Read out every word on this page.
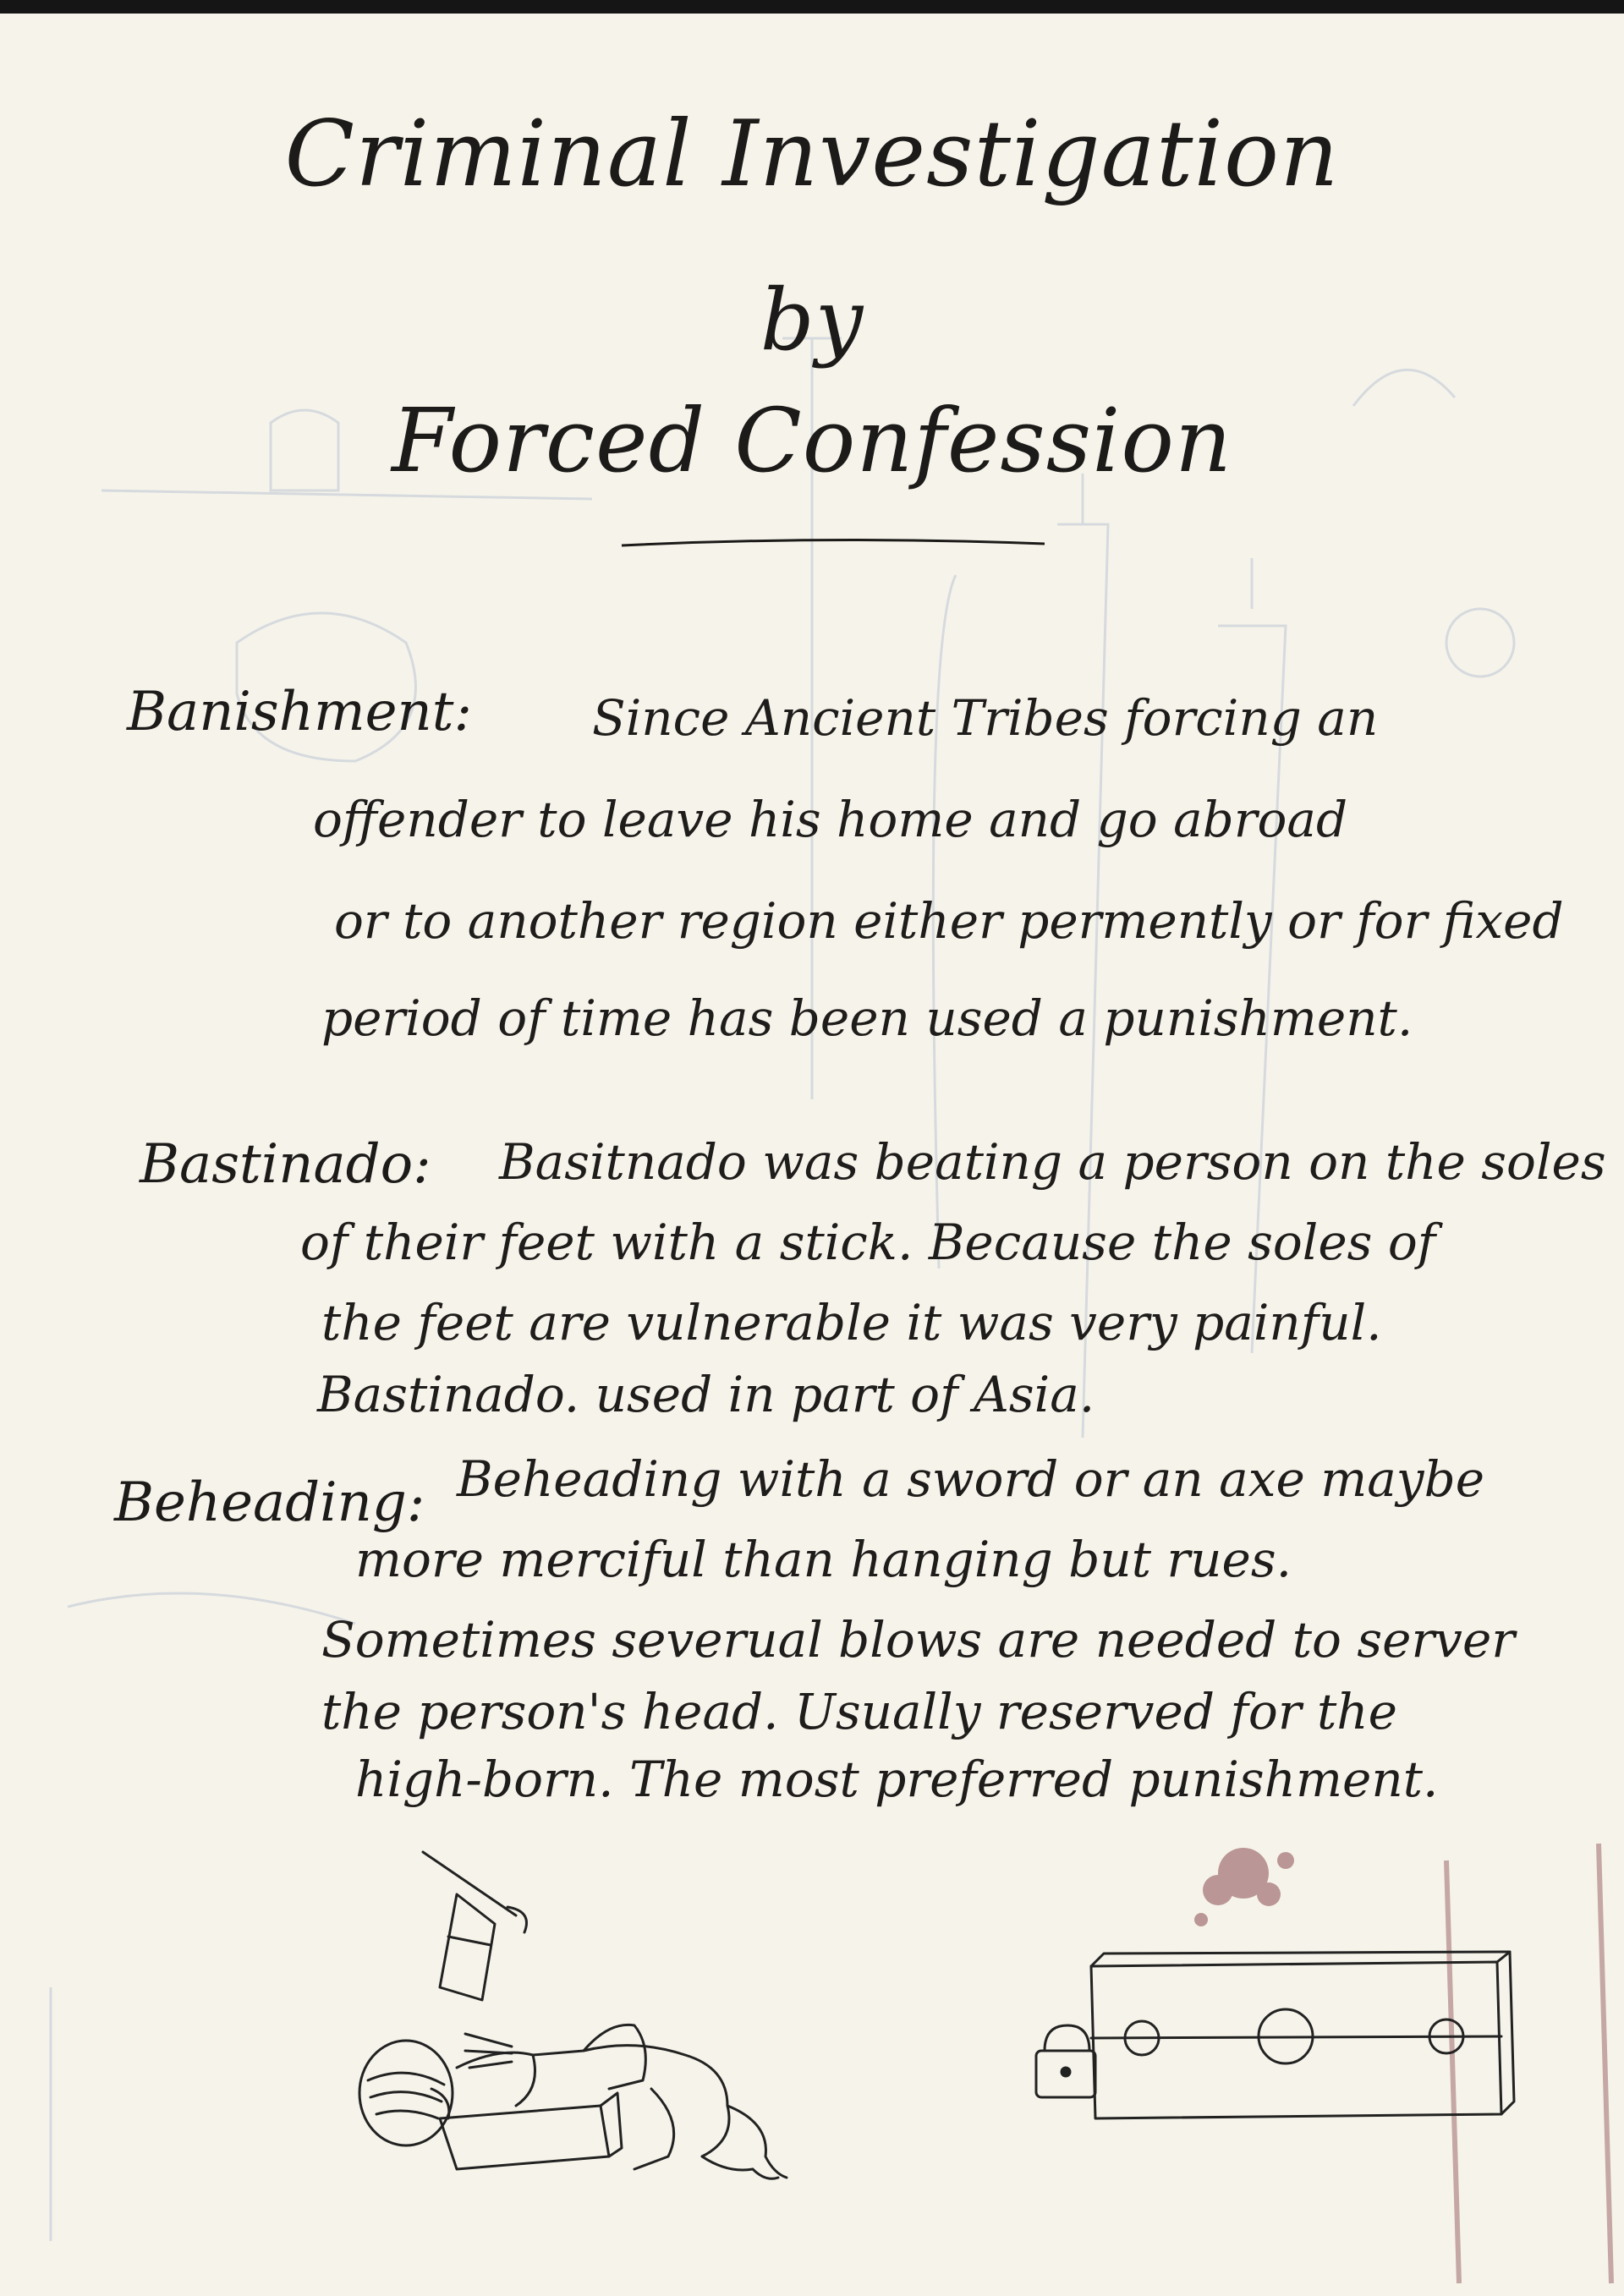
Criminal Investigation
by
Forced Confession
Banishment: Since Ancient Tribes forcing an
offender to leave his home and go abroad
or to another region either permently or for fixed
period of time has been used a punishment.
Bastinado: Basitnado was beating a person on the soles
of their feet with a stick. Because the soles of
the feet are vulnerable it was very painful.
Bastinado. used in part of Asia.
Beheading: Beheading with a sword or an axe maybe
more merciful than hanging but rues.
Sometimes severual blows are needed to server
the person's head. Usually reserved for the
high-born. The most preferred punishment.
